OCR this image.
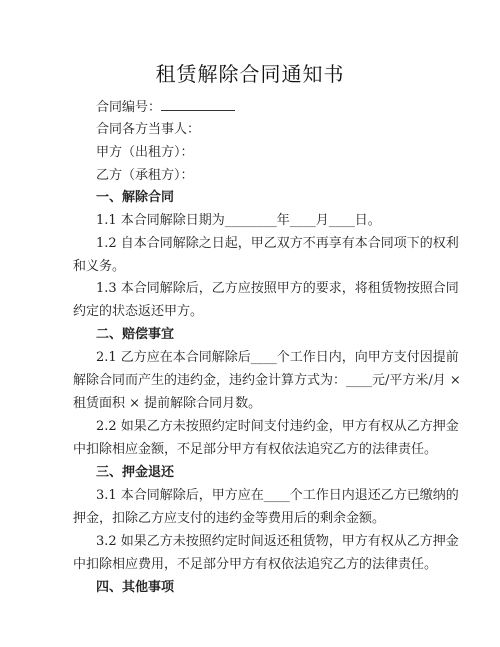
租赁解除合同通知书
合同编号：
合同各方当事人：
甲方（出租方）：
乙方（承租方）：
一、解除合同
1.1 本合同解除日期为________年____月____日。
1.2 自本合同解除之日起，甲乙双方不再享有本合同项下的权利
和义务。
1.3 本合同解除后，乙方应按照甲方的要求，将租赁物按照合同
约定的状态返还甲方。
二、赔偿事宜
2.1 乙方应在本合同解除后____个工作日内，向甲方支付因提前
解除合同而产生的违约金，违约金计算方式为：____元/平方米/月 ×
租赁面积 × 提前解除合同月数。
2.2 如果乙方未按照约定时间支付违约金，甲方有权从乙方押金
中扣除相应金额，不足部分甲方有权依法追究乙方的法律责任。
三、押金退还
3.1 本合同解除后，甲方应在____个工作日内退还乙方已缴纳的
押金，扣除乙方应支付的违约金等费用后的剩余金额。
3.2 如果乙方未按照约定时间返还租赁物，甲方有权从乙方押金
中扣除相应费用，不足部分甲方有权依法追究乙方的法律责任。
四、其他事项
